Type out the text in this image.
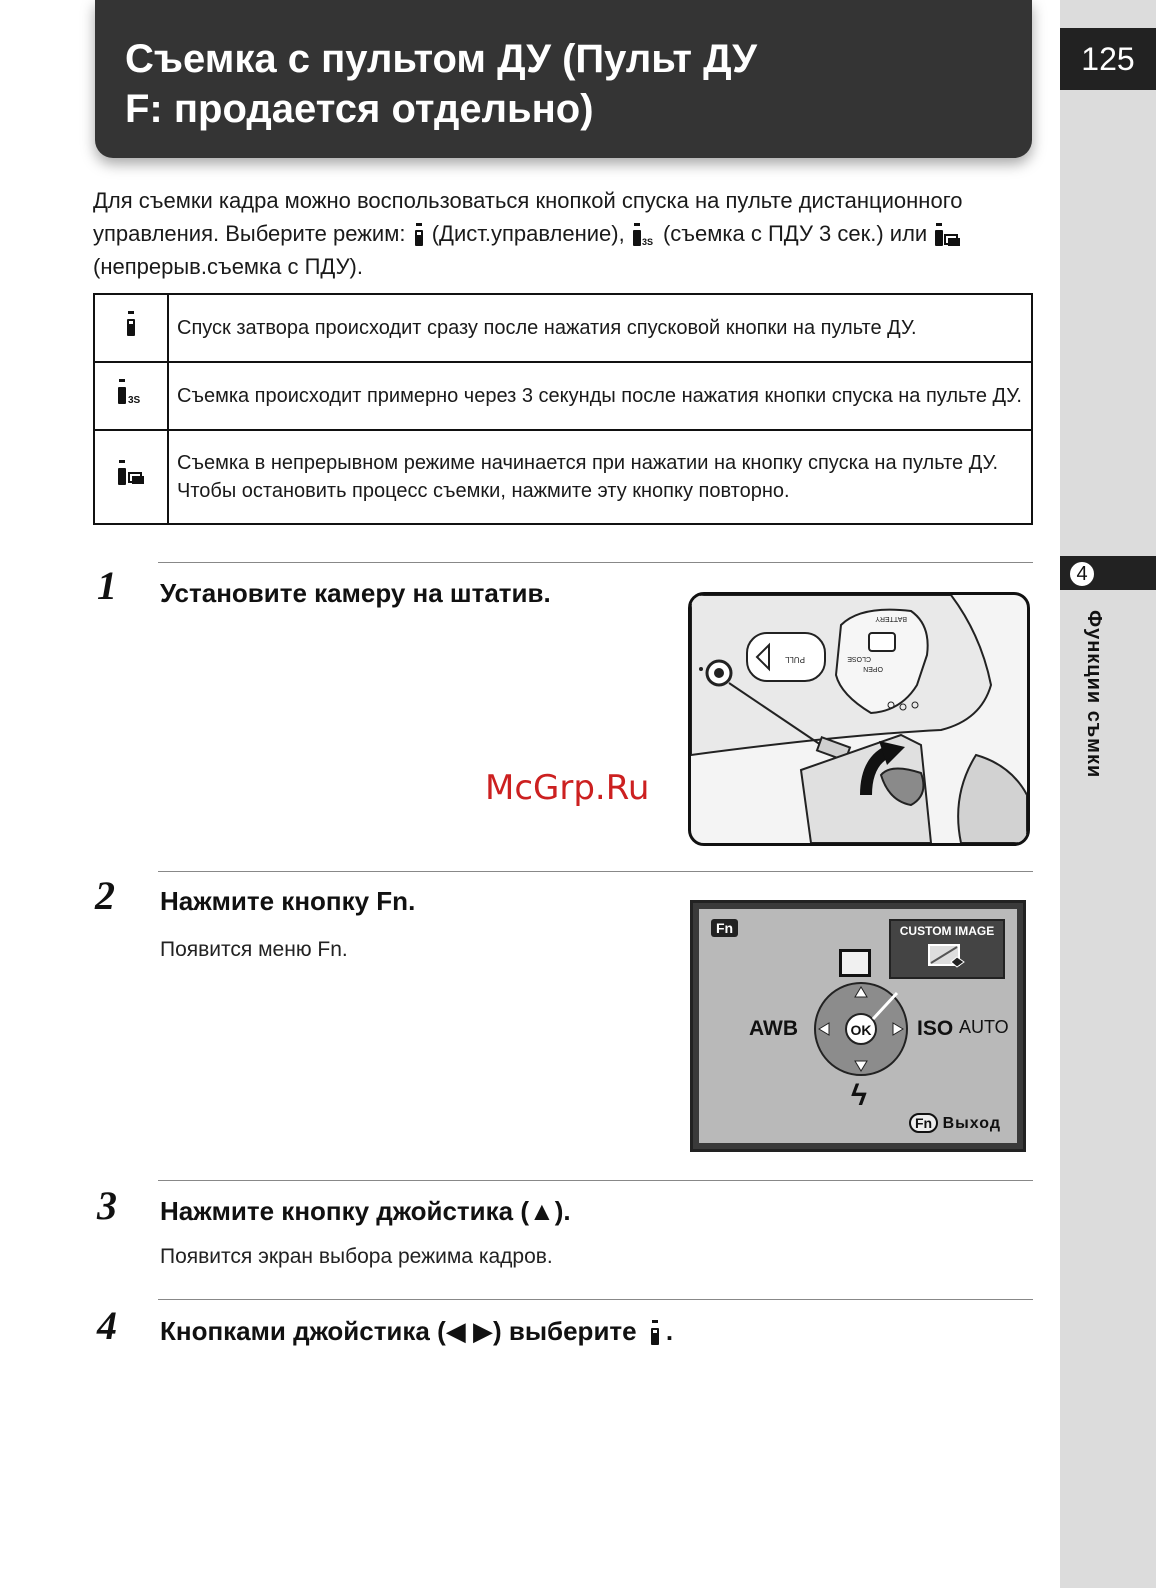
125
4
Функции съмки
Съемка с пультом ДУ (Пульт ДУ
F: продается отдельно)
Для съемки кадра можно воспользоваться кнопкой спуска на пульте дистанционного управления. Выберите режим: (Дист.управление), 3S (съемка с ПДУ 3 сек.) или  (непрерыв.съемка с ПДУ).
	Спуск затвора происходит сразу после нажатия спусковой кнопки на пульте ДУ.

3S	Съемка происходит примерно через 3 секунды после нажатия кнопки спуска на пульте ДУ.
	Съемка в непрерывном режиме начинается при нажатии на кнопку спуска на пульте ДУ. Чтобы остановить процесс съемки, нажмите эту кнопку повторно.
1 Установите камеру на штатив.
PULL	CLOSE
OPEN
BATTERY
2 Нажмите кнопку Fn.
Появится меню Fn.
Fn	CUSTOM IMAGE
OK
AWB	ISO AUTO
ϟ
Fn Выход
3 Нажмите кнопку джойстика (▲).
Появится экран выбора режима кадров.
4 Кнопками джойстика (◀ ▶) выберите .
McGrp.Ru
